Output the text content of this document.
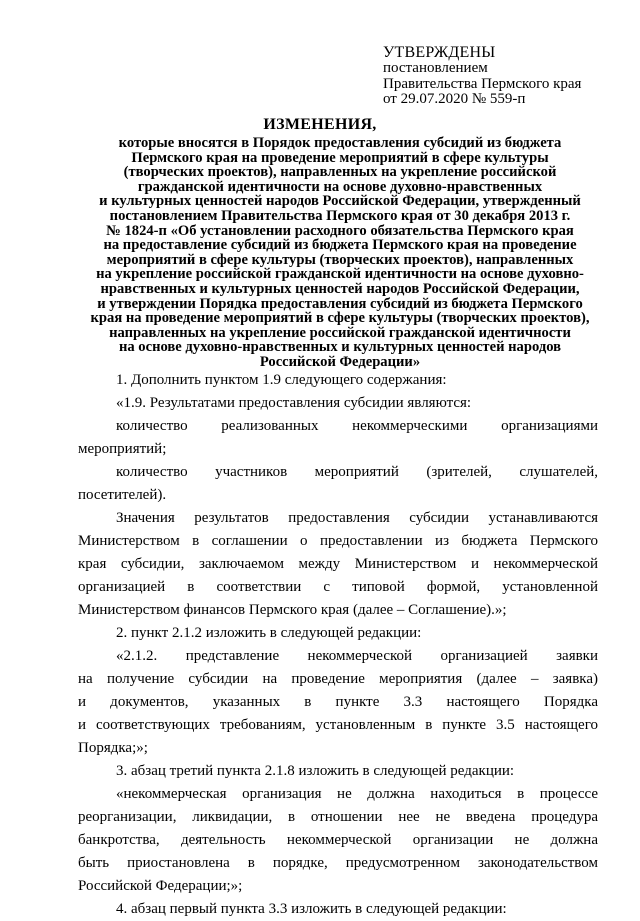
УТВЕРЖДЕНЫ
постановлением
Правительства Пермского края
от 29.07.2020 № 559-п
ИЗМЕНЕНИЯ,
которые вносятся в Порядок предоставления субсидий из бюджета
Пермского края на проведение мероприятий в сфере культуры
(творческих проектов), направленных на укрепление российской
гражданской идентичности на основе духовно-нравственных
и культурных ценностей народов Российской Федерации, утвержденный
постановлением Правительства Пермского края от 30 декабря 2013 г.
№ 1824-п «Об установлении расходного обязательства Пермского края
на предоставление субсидий из бюджета Пермского края на проведение
мероприятий в сфере культуры (творческих проектов), направленных
на укрепление российской гражданской идентичности на основе духовно-
нравственных и культурных ценностей народов Российской Федерации,
и утверждении Порядка предоставления субсидий из бюджета Пермского
края на проведение мероприятий в сфере культуры (творческих проектов),
направленных на укрепление российской гражданской идентичности
на основе духовно-нравственных и культурных ценностей народов
Российской Федерации»
1. Дополнить пунктом 1.9 следующего содержания:
«1.9. Результатами предоставления субсидии являются:
количество реализованных некоммерческими организациями
мероприятий;
количество участников мероприятий (зрителей, слушателей,
посетителей).
Значения результатов предоставления субсидии устанавливаются
Министерством в соглашении о предоставлении из бюджета Пермского
края субсидии, заключаемом между Министерством и некоммерческой
организацией в соответствии с типовой формой, установленной
Министерством финансов Пермского края (далее – Соглашение).»;
2. пункт 2.1.2 изложить в следующей редакции:
«2.1.2. представление некоммерческой организацией заявки
на получение субсидии на проведение мероприятия (далее – заявка)
и документов, указанных в пункте 3.3 настоящего Порядка
и соответствующих требованиям, установленным в пункте 3.5 настоящего
Порядка;»;
3. абзац третий пункта 2.1.8 изложить в следующей редакции:
«некоммерческая организация не должна находиться в процессе
реорганизации, ликвидации, в отношении нее не введена процедура
банкротства, деятельность некоммерческой организации не должна
быть приостановлена в порядке, предусмотренном законодательством
Российской Федерации;»;
4. абзац первый пункта 3.3 изложить в следующей редакции:
